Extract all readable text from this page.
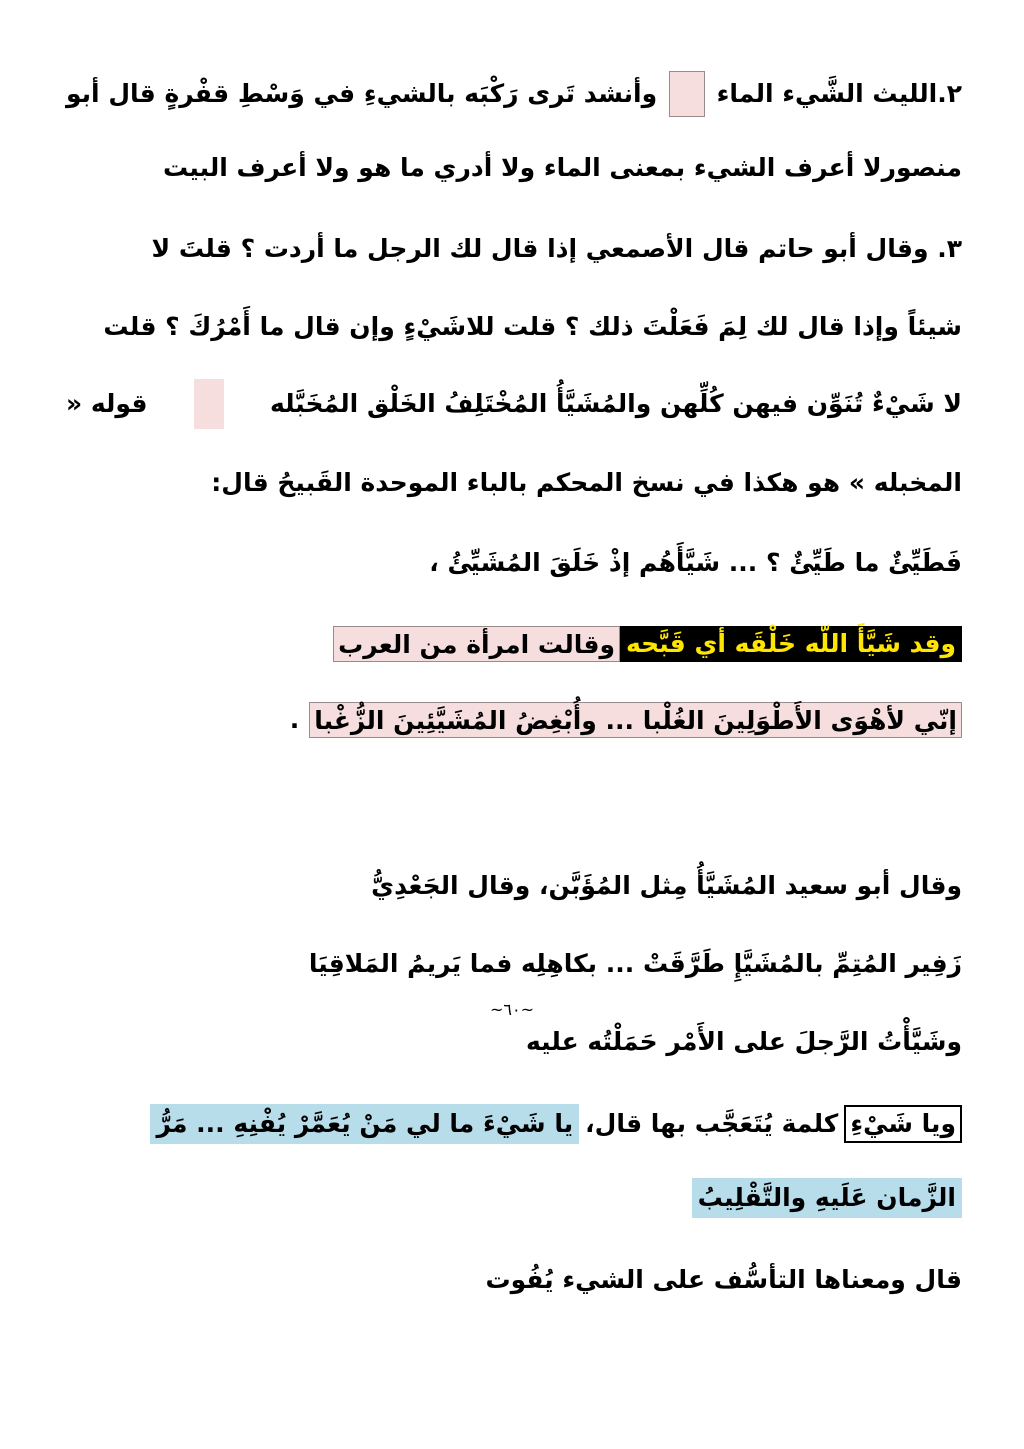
٢.الليث الشَّيء الماء
وأنشد تَرى رَكْبَه بالشيءِ في وَسْطِ قفْرةٍ قال أبو
منصورلا أعرف الشيء بمعنى الماء ولا أدري ما هو ولا أعرف البيت
٣. وقال أبو حاتم قال الأصمعي إذا قال لك الرجل ما أردت ؟ قلتَ لا
شيئاً وإذا قال لك لِمَ فَعَلْتَ ذلك ؟ قلت للاشَيْءٍ وإن قال ما أَمْرُكَ ؟ قلت
لا شَيْءٌ تُنَوِّن فيهن كُلِّهن والمُشَيَّأُ المُخْتَلِفُ الخَلْق المُخَبَّله
قوله «
المخبله » هو هكذا في نسخ المحكم بالباء الموحدة القَبيحُ قال:
فَطَيِّئٌ ما طَيِّئٌ ؟ ... شَيَّأَهُم إذْ خَلَقَ المُشَيِّئُ ،
وقد شَيَّأَ اللّه خَلْقَه أي قَبَّحه
وقالت امرأة من العرب
إنّي لأهْوَى الأَطْوَلِينَ الغُلْبا ... وأُبْغِضُ المُشَيَّئِينَ الزُّغْبا
.
وقال أبو سعيد المُشَيَّأُ مِثل المُؤَبَّن، وقال الجَعْدِيُّ
زَفِير المُتِمِّ بالمُشَيَّإِ طَرَّقَتْ ... بكاهِلِه فما يَريمُ المَلاقِيَا
وشَيَّأْتُ الرَّجلَ على الأَمْر حَمَلْتُه عليه
ويا شَيْءِ
كلمة يُتَعَجَّب بها قال،
يا شَيْءَ ما لي مَنْ يُعَمَّرْ يُفْنِهِ ... مَرُّ
الزَّمان عَلَيهِ والتَّقْلِيبُ
قال ومعناها التأسُّف على الشيء يُفُوت
~٦٠~
